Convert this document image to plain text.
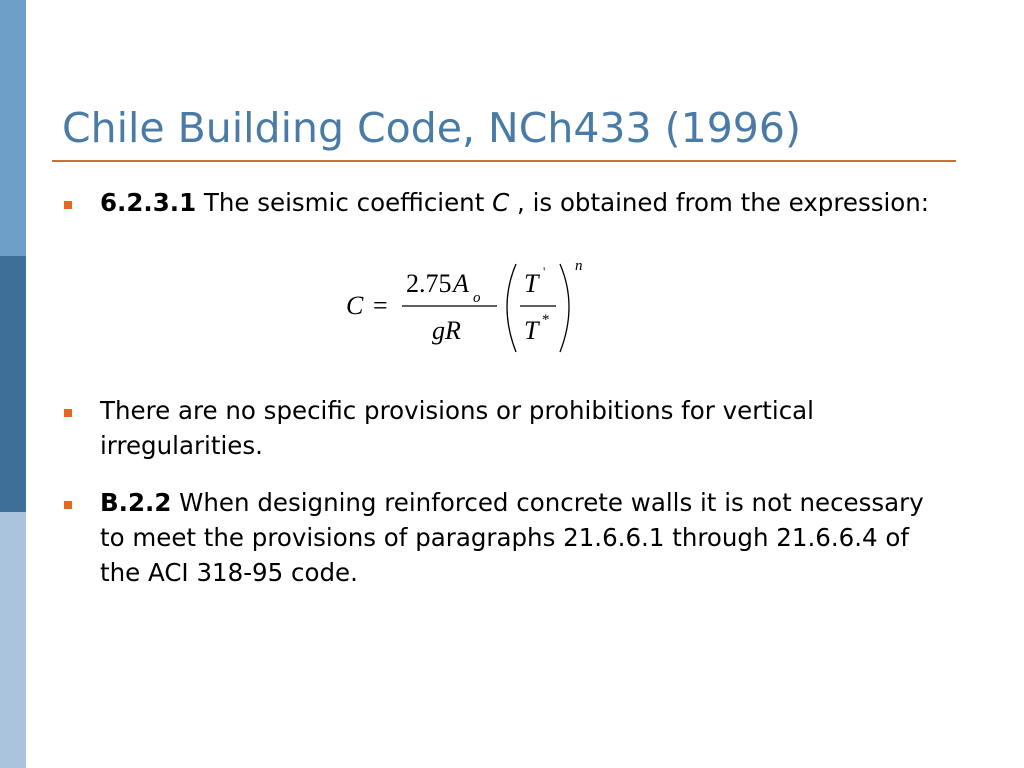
Chile Building Code, NCh433 (1996)
6.2.3.1 The seismic coefficient C , is obtained from the expression:
C =
2.75 A o
gR
T '
T *
n
There are no specific provisions or prohibitions for vertical irregularities.
B.2.2 When designing reinforced concrete walls it is not necessary to meet the provisions of paragraphs 21.6.6.1 through 21.6.6.4 of the ACI 318-95 code.
